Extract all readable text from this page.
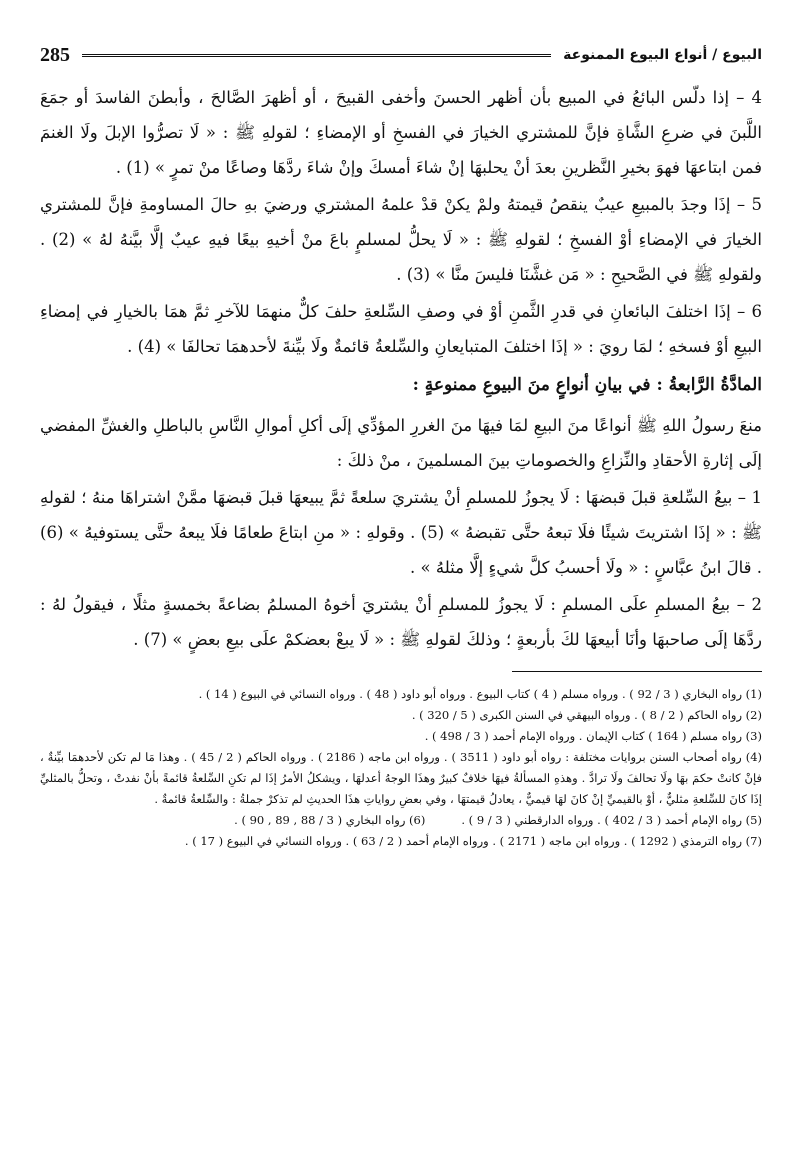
البيوع / أنواع البيوع الممنوعة
285

4 – إذا دلّس البائعُ في المبيع بأن أظهر الحسنَ وأخفى القبيحَ ، أو أظهرَ الصَّالحَ ، وأبطنَ الفاسدَ أو جمَعَ اللَّبنَ في ضرعِ الشَّاةِ فإنَّ للمشتري الخيارَ في الفسخِ أو الإمضاءِ ؛ لقولهِ ﷺ : « لَا تصرُّوا الإبلَ ولَا الغنمَ فمن ابتاعهَا فهوَ بخيرِ النَّظرينِ بعدَ أنْ يحلبهَا إنْ شاءَ أمسكَ وإنْ شاءَ ردَّهَا وصاعًا منْ تمرٍ » (1) .

5 – إذَا وجدَ بالمبيعِ عيبٌ ينقصُ قيمتهُ ولمْ يكنْ قدْ علمهُ المشتري ورضيَ بهِ حالَ المساومةِ فإنَّ للمشتري الخيارَ في الإمضاءِ أوْ الفسخِ ؛ لقولهِ ﷺ : « لَا يحلُّ لمسلمٍ باعَ منْ أخيهِ بيعًا فيهِ عيبٌ إلَّا بيَّنهُ لهُ » (2) . ولقولهِ ﷺ في الصَّحيحِ : « مَن غشَّنَا فليسَ منَّا » (3) .

6 – إذَا اختلفَ البائعانِ في قدرِ الثَّمنِ أوْ في وصفِ السِّلعةِ حلفَ كلٌّ منهمَا للآخرِ ثمَّ همَا بالخيارِ في إمضاءِ البيعِ أوْ فسخهِ ؛ لمَا رويَ : « إذَا اختلفَ المتبايعانِ والسِّلعةُ قائمةٌ ولَا بيِّنةَ لأحدهمَا تحالفَا » (4) .

المادَّةُ الرَّابعةُ : في بيانِ أنواعٍ منَ البيوعِ ممنوعةٍ :

منعَ رسولُ اللهِ ﷺ أنواعًا منَ البيعِ لمَا فيهَا منَ الغررِ المؤدِّي إلَى أكلِ أموالِ النَّاسِ بالباطلِ والغشِّ المفضي إلَى إثارةِ الأحقادِ والنِّزاعِ والخصوماتِ بينَ المسلمينَ ، منْ ذلكَ :

1 – بيعُ السِّلعةِ قبلَ قبضهَا : لَا يجوزُ للمسلمِ أنْ يشتريَ سلعةً ثمَّ يبيعهَا قبلَ قبضهَا ممَّنْ اشتراهَا منهُ ؛ لقولهِ ﷺ : « إذَا اشتريتَ شيئًا فلَا تبعهُ حتَّى تقبضهُ » (5) . وقولهِ : « منِ ابتاعَ طعامًا فلَا يبعهُ حتَّى يستوفيهُ » (6) . قالَ ابنُ عبَّاسٍ : « ولَا أحسبُ كلَّ شيءٍ إلَّا مثلهُ » .

2 – بيعُ المسلمِ علَى المسلمِ : لَا يجوزُ للمسلمِ أنْ يشتريَ أخوهُ المسلمُ بضاعةً بخمسةٍ مثلًا ، فيقولُ لهُ : ردَّهَا إلَى صاحبهَا وأنَا أبيعهَا لكَ بأربعةٍ ؛ وذلكَ لقولهِ ﷺ : « لَا يبعْ بعضكمْ علَى بيعِ بعضٍ » (7) .

(1) رواه البخاري ( 3 / 92 ) . ورواه مسلم ( 4 ) كتاب البيوع . ورواه أبو داود ( 48 ) . ورواه النسائي في البيوع ( 14 ) .

(2) رواه الحاكم ( 2 / 8 ) . ورواه البيهقي في السنن الكبرى ( 5 / 320 ) .

(3) رواه مسلم ( 164 ) كتاب الإيمان . ورواه الإمام أحمد ( 3 / 498 ) .

(4) رواه أصحاب السنن بروايات مختلفة : رواه أبو داود ( 3511 ) . ورواه ابن ماجه ( 2186 ) . ورواه الحاكم ( 2 / 45 ) . وهذا مَا لم تكن لأحدهمَا بيِّنةٌ ، فإنْ كانتْ حكمَ بهَا ولَا تحالفَ ولَا ترادَّ . وهذهِ المسألةُ فيهَا خلافٌ كبيرٌ وهذَا الوجهُ أعدلهَا ، ويشكلُ الأمرُ إذَا لم تكنِ السِّلعةُ قائمةً بأنْ نفدتْ ، وتحلُّ بالمثليِّ إذَا كانَ للسِّلعةِ مثليٌّ ، أوْ بالقيميِّ إنْ كانَ لهَا قيميٌّ ، يعادلُ قيمتهَا ، وفي بعضِ رواياتِ هذَا الحديثِ لم تذكرْ جملةُ : والسِّلعةُ قائمةٌ .

(5) رواه الإمام أحمد ( 3 / 402 ) . ورواه الدارقطني ( 3 / 9 ) .

(6) رواه البخاري ( 3 / 88 , 89 , 90 ) .

(7) رواه الترمذي ( 1292 ) . ورواه ابن ماجه ( 2171 ) . ورواه الإمام أحمد ( 2 / 63 ) . ورواه النسائي في البيوع ( 17 ) .
